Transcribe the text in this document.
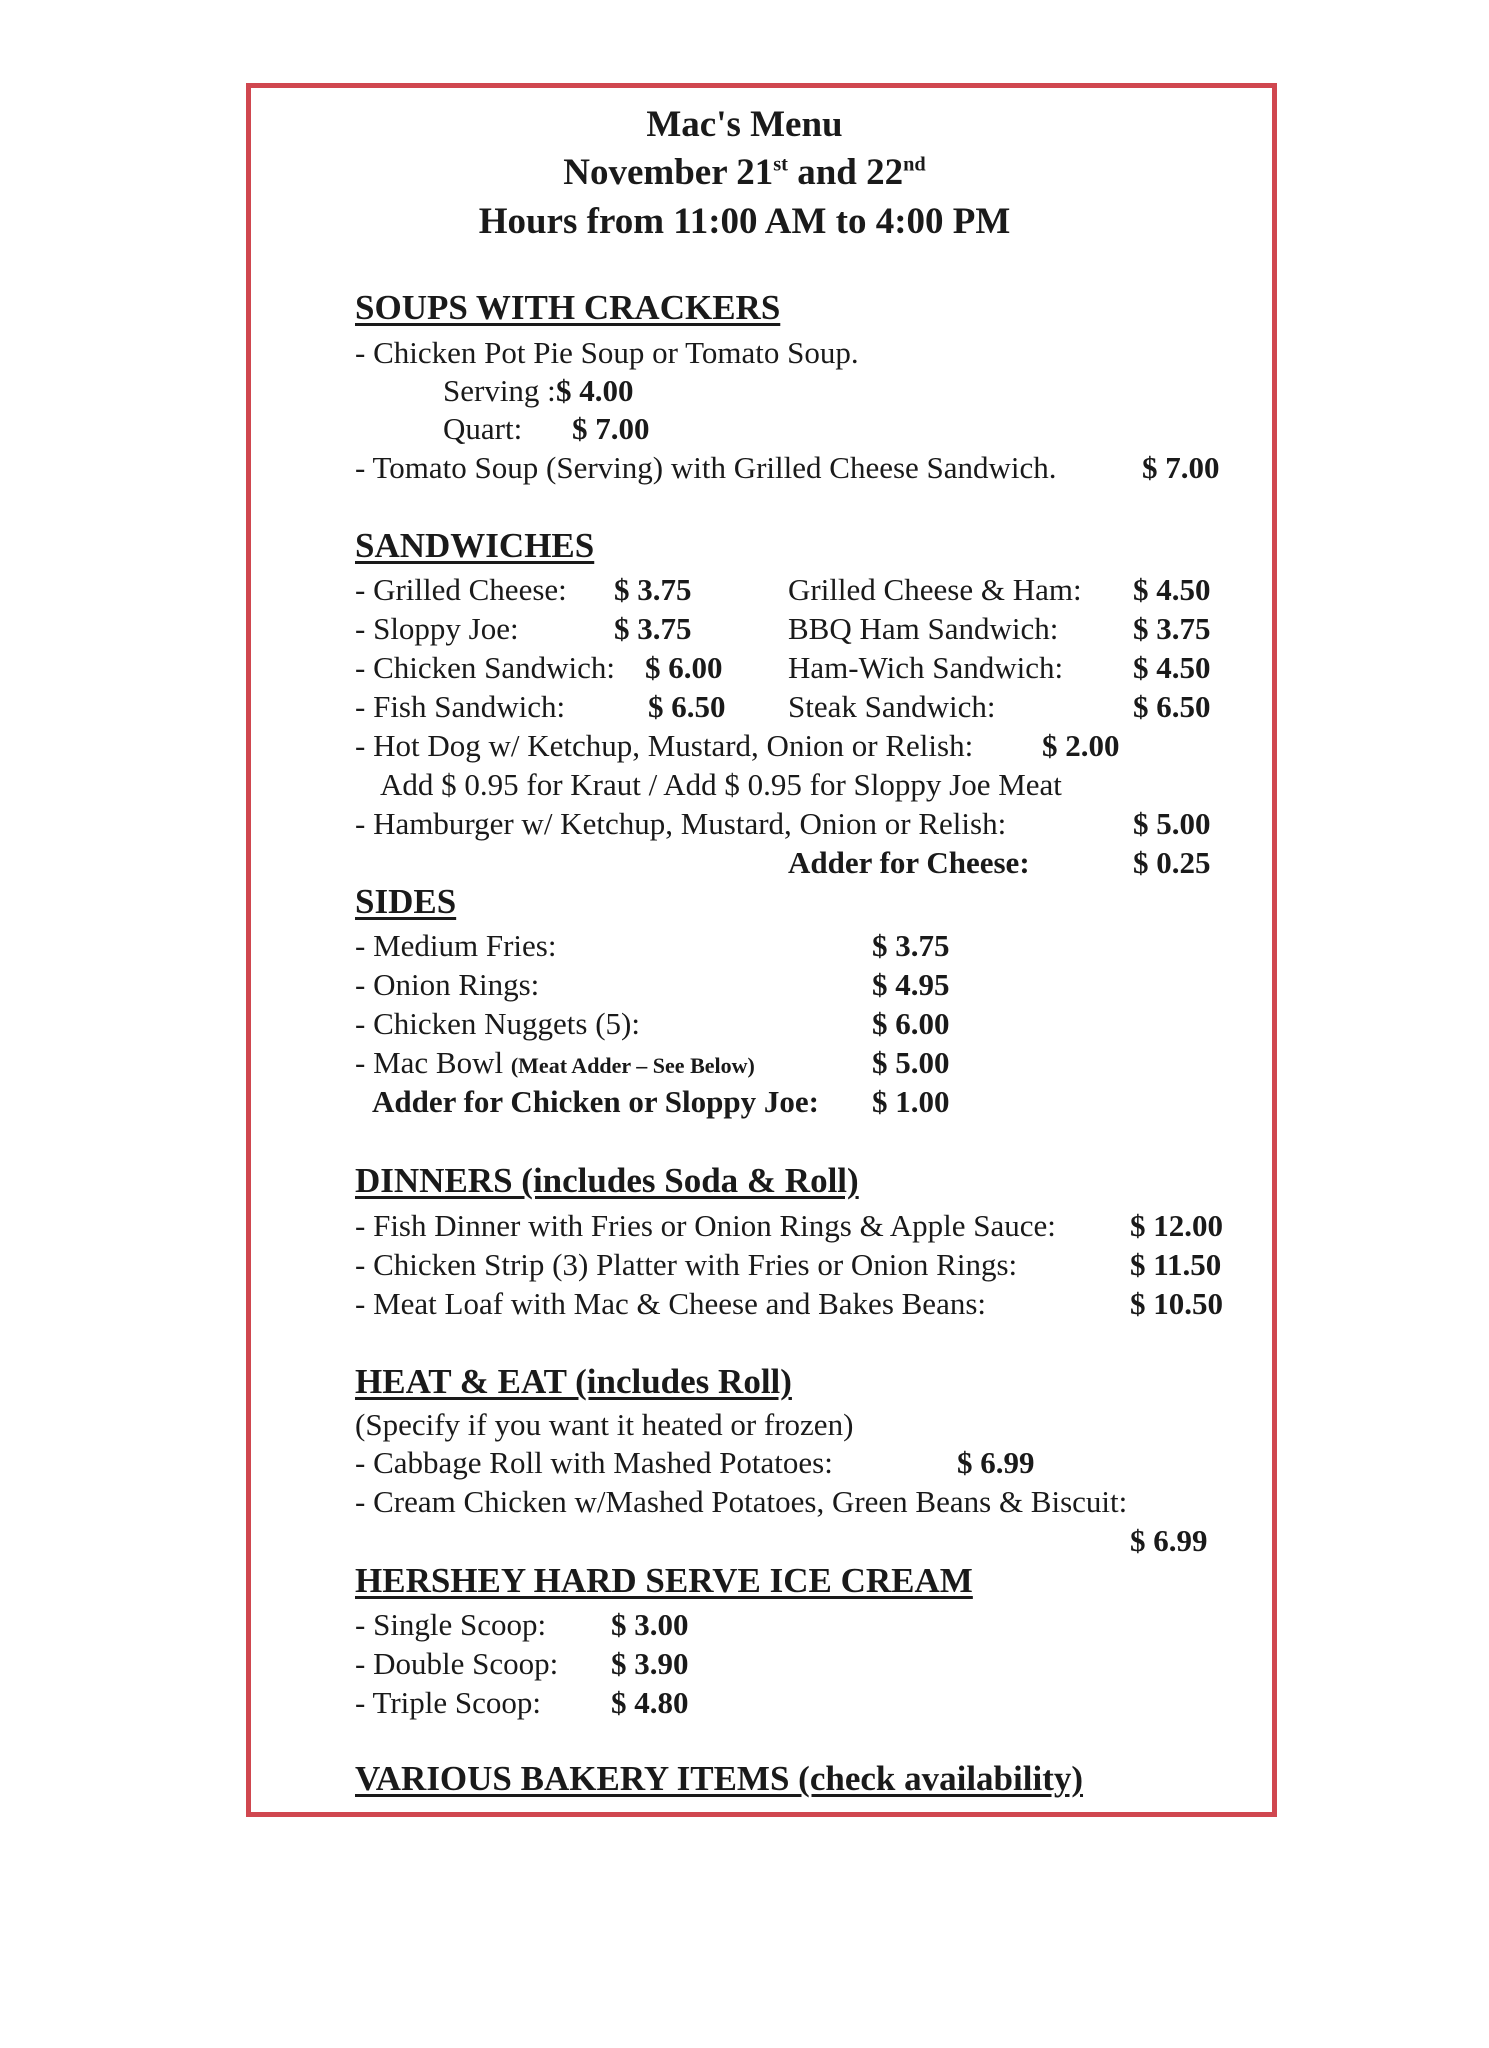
Mac's Menu
November 21st and 22nd
Hours from 11:00 AM to 4:00 PM
SOUPS WITH CRACKERS
- Chicken Pot Pie Soup or Tomato Soup.
Serving : $ 4.00
Quart: $ 7.00
- Tomato Soup (Serving) with Grilled Cheese Sandwich.	$ 7.00
SANDWICHES
- Grilled Cheese: $ 3.75	Grilled Cheese & Ham: $ 4.50
- Sloppy Joe:	$ 3.75	BBQ Ham Sandwich: $ 3.75
- Chicken Sandwich: $ 6.00 Ham-Wich Sandwich: $ 4.50
- Fish Sandwich:	$ 6.50 Steak Sandwich:	$ 6.50
- Hot Dog w/ Ketchup, Mustard, Onion or Relish: $ 2.00
Add $ 0.95 for Kraut / Add $ 0.95 for Sloppy Joe Meat
- Hamburger w/ Ketchup, Mustard, Onion or Relish:	$ 5.00
Adder for Cheese:	$ 0.25
SIDES
- Medium Fries:	$ 3.75
- Onion Rings:	$ 4.95
- Chicken Nuggets (5):	$ 6.00
- Mac Bowl (Meat Adder – See Below)	$ 5.00
Adder for Chicken or Sloppy Joe: $ 1.00
DINNERS (includes Soda & Roll)
- Fish Dinner with Fries or Onion Rings & Apple Sauce: $ 12.00
- Chicken Strip (3) Platter with Fries or Onion Rings:	$ 11.50
- Meat Loaf with Mac & Cheese and Bakes Beans:	$ 10.50
HEAT & EAT (includes Roll)
(Specify if you want it heated or frozen)
- Cabbage Roll with Mashed Potatoes:	$ 6.99
- Cream Chicken w/Mashed Potatoes, Green Beans & Biscuit:
$ 6.99
HERSHEY HARD SERVE ICE CREAM
- Single Scoop: $ 3.00
- Double Scoop: $ 3.90
- Triple Scoop: $ 4.80
VARIOUS BAKERY ITEMS (check availability)
